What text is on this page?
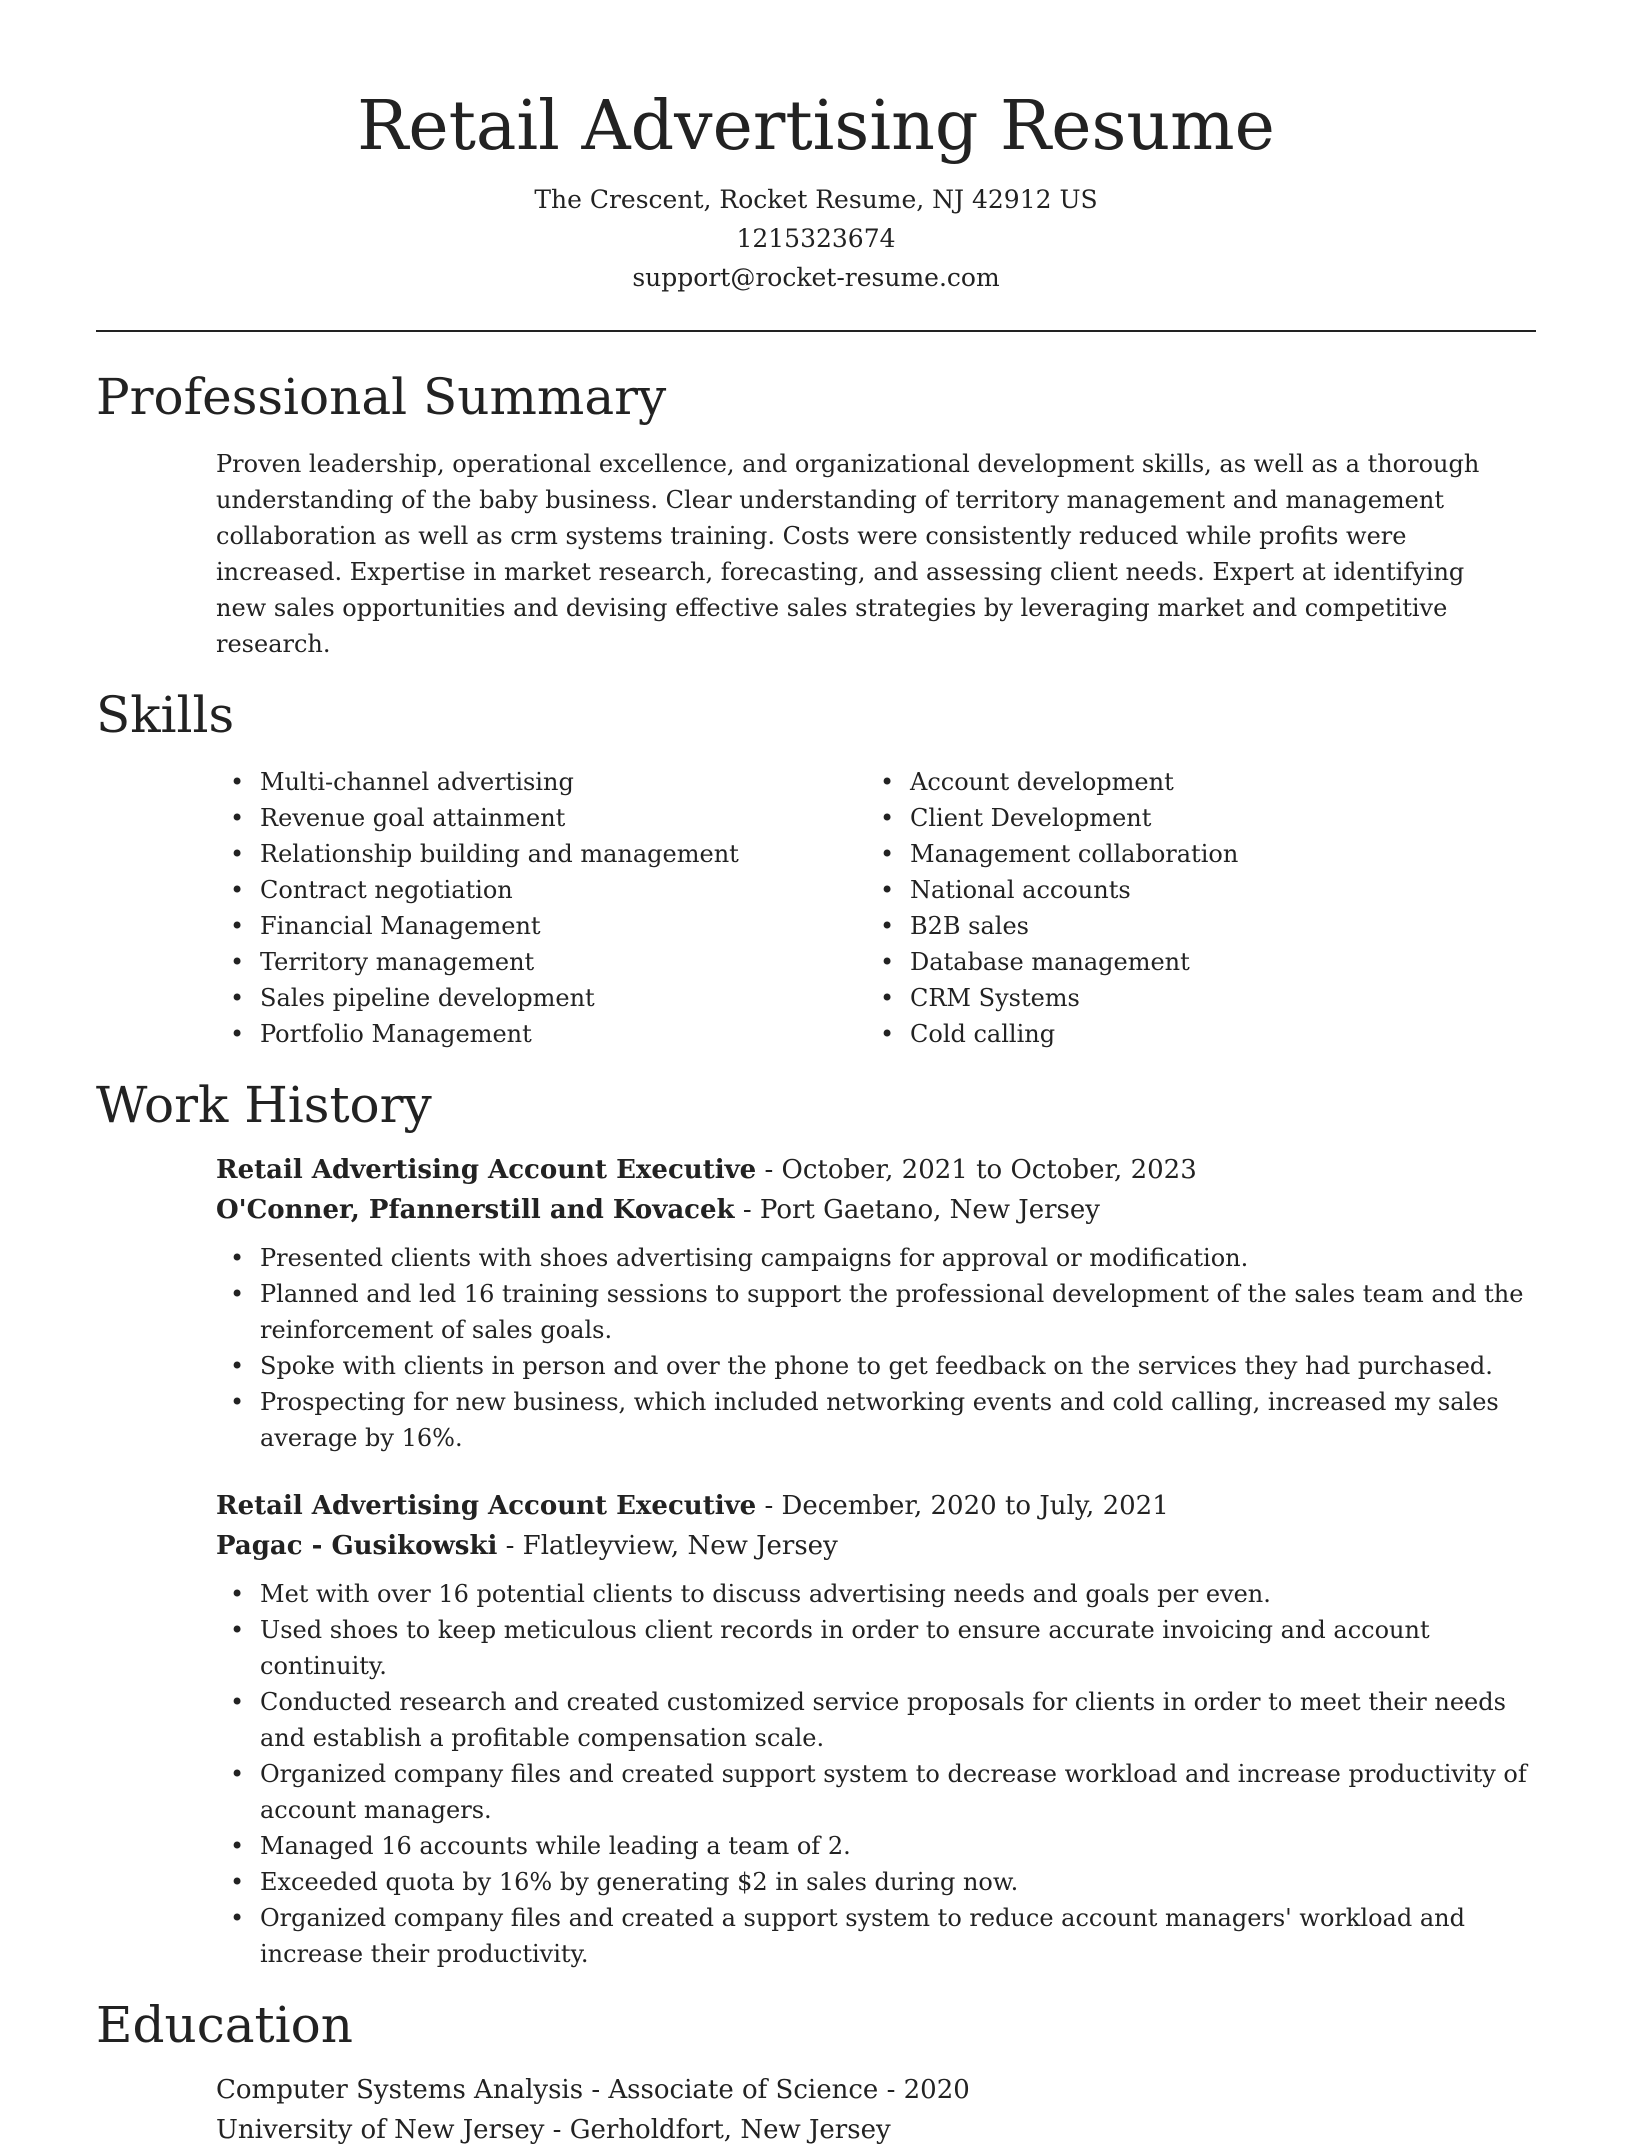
Retail Advertising Resume
The Crescent, Rocket Resume, NJ 42912 US
1215323674
support@rocket-resume.com
Professional Summary

Proven leadership, operational excellence, and organizational development skills, as well as a thorough understanding of the baby business. Clear understanding of territory management and management collaboration as well as crm systems training. Costs were consistently reduced while profits were increased. Expertise in market research, forecasting, and assessing client needs. Expert at identifying new sales opportunities and devising effective sales strategies by leveraging market and competitive research.

Skills
• Multi-channel advertising
• Revenue goal attainment
• Relationship building and management
• Contract negotiation
• Financial Management
• Territory management
• Sales pipeline development
• Portfolio Management
• Account development
• Client Development
• Management collaboration
• National accounts
• B2B sales
• Database management
• CRM Systems
• Cold calling
Work History
Retail Advertising Account Executive - October, 2021 to October, 2023
O'Conner, Pfannerstill and Kovacek - Port Gaetano, New Jersey
• Presented clients with shoes advertising campaigns for approval or modification.
• Planned and led 16 training sessions to support the professional development of the sales team and the reinforcement of sales goals.
• Spoke with clients in person and over the phone to get feedback on the services they had purchased.
• Prospecting for new business, which included networking events and cold calling, increased my sales average by 16%.
Retail Advertising Account Executive - December, 2020 to July, 2021
Pagac - Gusikowski - Flatleyview, New Jersey
• Met with over 16 potential clients to discuss advertising needs and goals per even.
• Used shoes to keep meticulous client records in order to ensure accurate invoicing and account continuity.
• Conducted research and created customized service proposals for clients in order to meet their needs and establish a profitable compensation scale.
• Organized company files and created support system to decrease workload and increase productivity of account managers.
• Managed 16 accounts while leading a team of 2.
• Exceeded quota by 16% by generating $2 in sales during now.
• Organized company files and created a support system to reduce account managers' workload and increase their productivity.
Education
Computer Systems Analysis - Associate of Science - 2020
University of New Jersey - Gerholdfort, New Jersey
